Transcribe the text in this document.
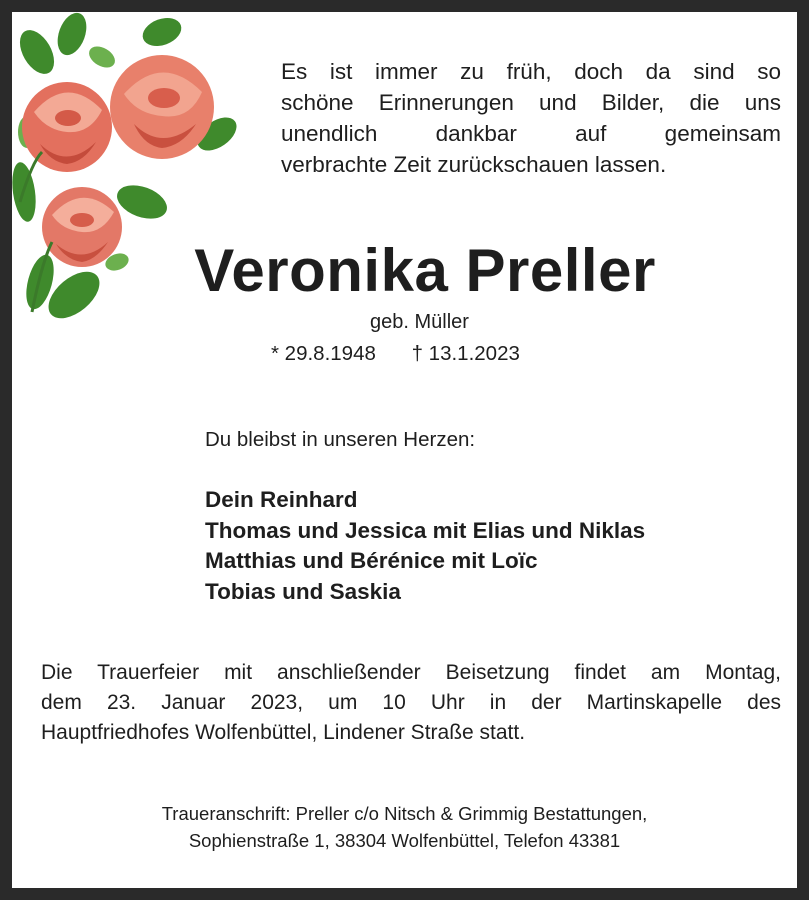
Es ist immer zu früh, doch da sind so
schöne Erinnerungen und Bilder, die uns
unendlich dankbar auf gemeinsam
verbrachte Zeit zurückschauen lassen.
Veronika Preller
geb. Müller
* 29.8.1948 † 13.1.2023
Du bleibst in unseren Herzen:
Dein Reinhard
Thomas und Jessica mit Elias und Niklas
Matthias und Bérénice mit Loïc
Tobias und Saskia
Die Trauerfeier mit anschließender Beisetzung findet am Montag,
dem 23. Januar 2023, um 10 Uhr in der Martinskapelle des
Hauptfriedhofes Wolfenbüttel, Lindener Straße statt.
Traueranschrift: Preller c/o Nitsch & Grimmig Bestattungen,
Sophienstraße 1, 38304 Wolfenbüttel, Telefon 43381
